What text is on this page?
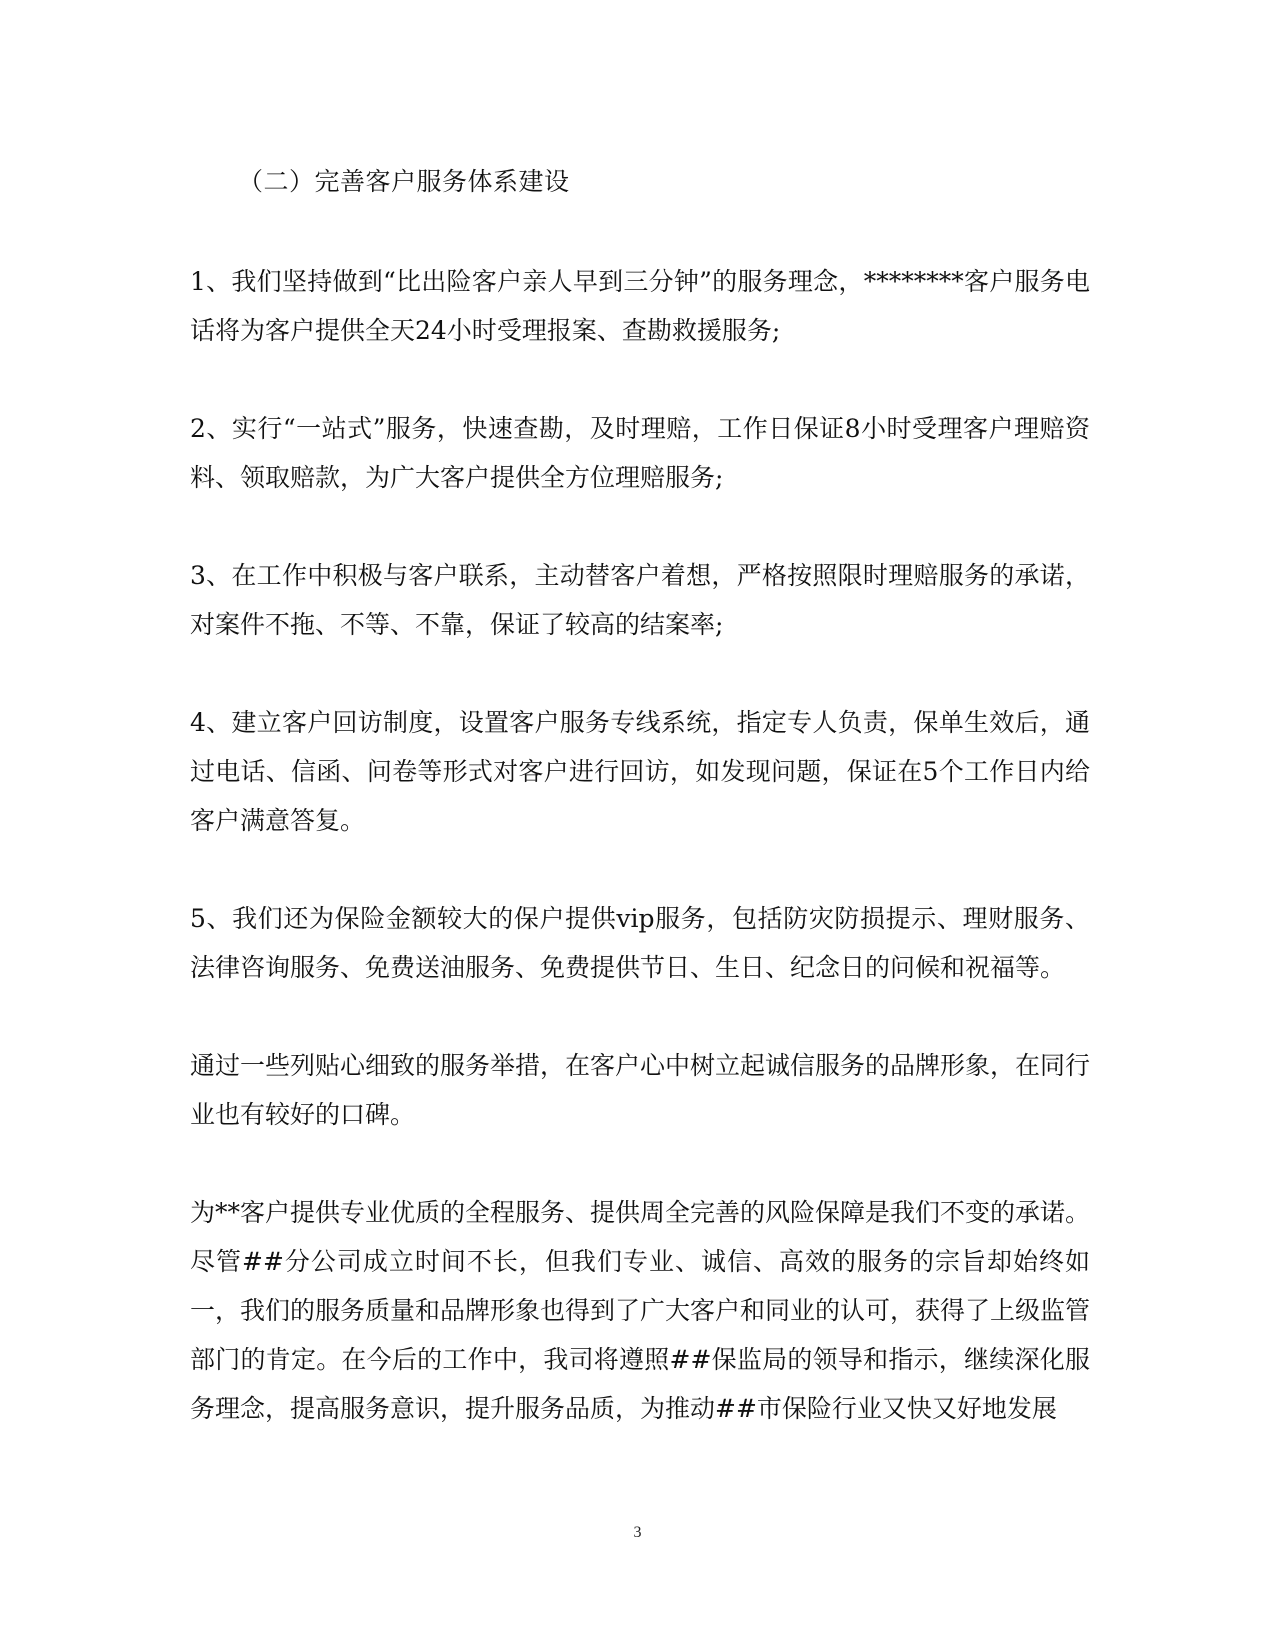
（二）完善客户服务体系建设
1、我们坚持做到“比出险客户亲人早到三分钟”的服务理念，********客户服务电话将为客户提供全天24小时受理报案、查勘救援服务;
2、实行“一站式”服务，快速查勘，及时理赔，工作日保证8小时受理客户理赔资料、领取赔款，为广大客户提供全方位理赔服务;
3、在工作中积极与客户联系，主动替客户着想，严格按照限时理赔服务的承诺，对案件不拖、不等、不靠，保证了较高的结案率;
4、建立客户回访制度，设置客户服务专线系统，指定专人负责，保单生效后，通过电话、信函、问卷等形式对客户进行回访，如发现问题，保证在5个工作日内给客户满意答复。
5、我们还为保险金额较大的保户提供vip服务，包括防灾防损提示、理财服务、法律咨询服务、免费送油服务、免费提供节日、生日、纪念日的问候和祝福等。
通过一些列贴心细致的服务举措，在客户心中树立起诚信服务的品牌形象，在同行业也有较好的口碑。
为**客户提供专业优质的全程服务、提供周全完善的风险保障是我们不变的承诺。尽管##分公司成立时间不长，但我们专业、诚信、高效的服务的宗旨却始终如一，我们的服务质量和品牌形象也得到了广大客户和同业的认可，获得了上级监管部门的肯定。在今后的工作中，我司将遵照##保监局的领导和指示，继续深化服务理念，提高服务意识，提升服务品质，为推动##市保险行业又快又好地发展
3
